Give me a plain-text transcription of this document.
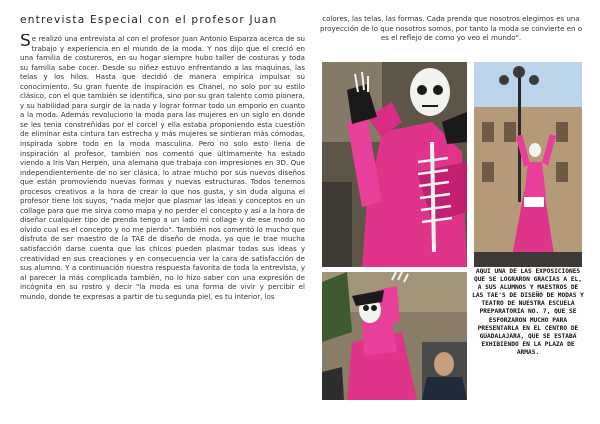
entrevista Especial con el profesor Juan
Se realizó una entrevista al con el profesor Juan Antonio Esparza acerca de su trabajo y experiencia en el mundo de la moda. Y nos dijo que el creció en una familia de costureros, en su hogar siempre hubo taller de costuras y toda su familia sabe cocer. Desde su niñez estuvo enfrentando a las maquinas, las telas y los hilos. Hasta que decidió de manera empírica impulsar su conocimiento. Su gran fuente de inspiración es Chanel, no solo por su estilo clásico, con el que también se identifica, sino por su gran talento como pionera, y su habilidad para surgir de la nada y lograr formar todo un emporio en cuanto a la moda. Además revoluciono la moda para las mujeres en un siglo en donde se les tenia constreñidas por el corcel y ella estaba proponiendo esta cuestión de eliminar esta cintura tan estrecha y más mujeres se sintieran más cómodas, inspirada sobre todo en la moda masculina. Pero no solo esto llena de inspiración al profesor, también nos comentó que últimamente ha estado viendo a Iris Van Herpen, una alemana que trabaja con impresiones en 3D. Que independientemente de no ser clásica, lo atrae mucho por sus nuevos diseños que están promoviendo nuevas formas y nuevas estructuras. Todos tenemos procesos creativos a la hora de crear lo que nos gusta, y sin duda alguna el profesor tiene los suyos, "nada mejor que plasmar las ideas y conceptos en un collage para que me sirva como mapa y no perder el concepto y así a la hora de diseñar cualquier tipo de prenda tengo a un lado mi collage y de ese modo no olvido cual es el concepto y no me pierdo". También nos comentó lo mucho que disfruta de ser maestro de la TAE de diseño de moda, ya que le trae mucha satisfacción darse cuenta que los chicos pueden plasmar todas sus ideas y creatividad en sus creaciones y en consecuencia ver la cara de satisfacción de sus alumno. Y a continuación nuestra respuesta favorita de toda la entrevista, y al parecer la más complicada también, no lo hizo saber con una expresión de incógnita en su rostro y decir "la moda es una forma de vivir y percibir el mundo, donde te expresas a partir de tu segunda piel, es tu interior, los
colores, las telas, las formas. Cada prenda que nosotros elegimos es una proyección de lo que nosotros somos, por tanto la moda se convierte en o es el reflejo de como yo veo el mundo".
AQUI UNA DE LAS EXPOSICIONES QUE SE LOGRARON GRACIAS A EL, A SUS ALUMNOS Y MAESTROS DE LAS TAE'S DE DISEÑO DE MODAS Y TEATRO DE NUESTRA ESCUELA PREPARATORIA NO. 7, QUE SE ESFORZARON MUCHO PARA PRESENTARLA EN EL CENTRO DE GUADALAJARA, QUE SE ESTABA EXHIBIENDO EN LA PLAZA DE ARMAS.
